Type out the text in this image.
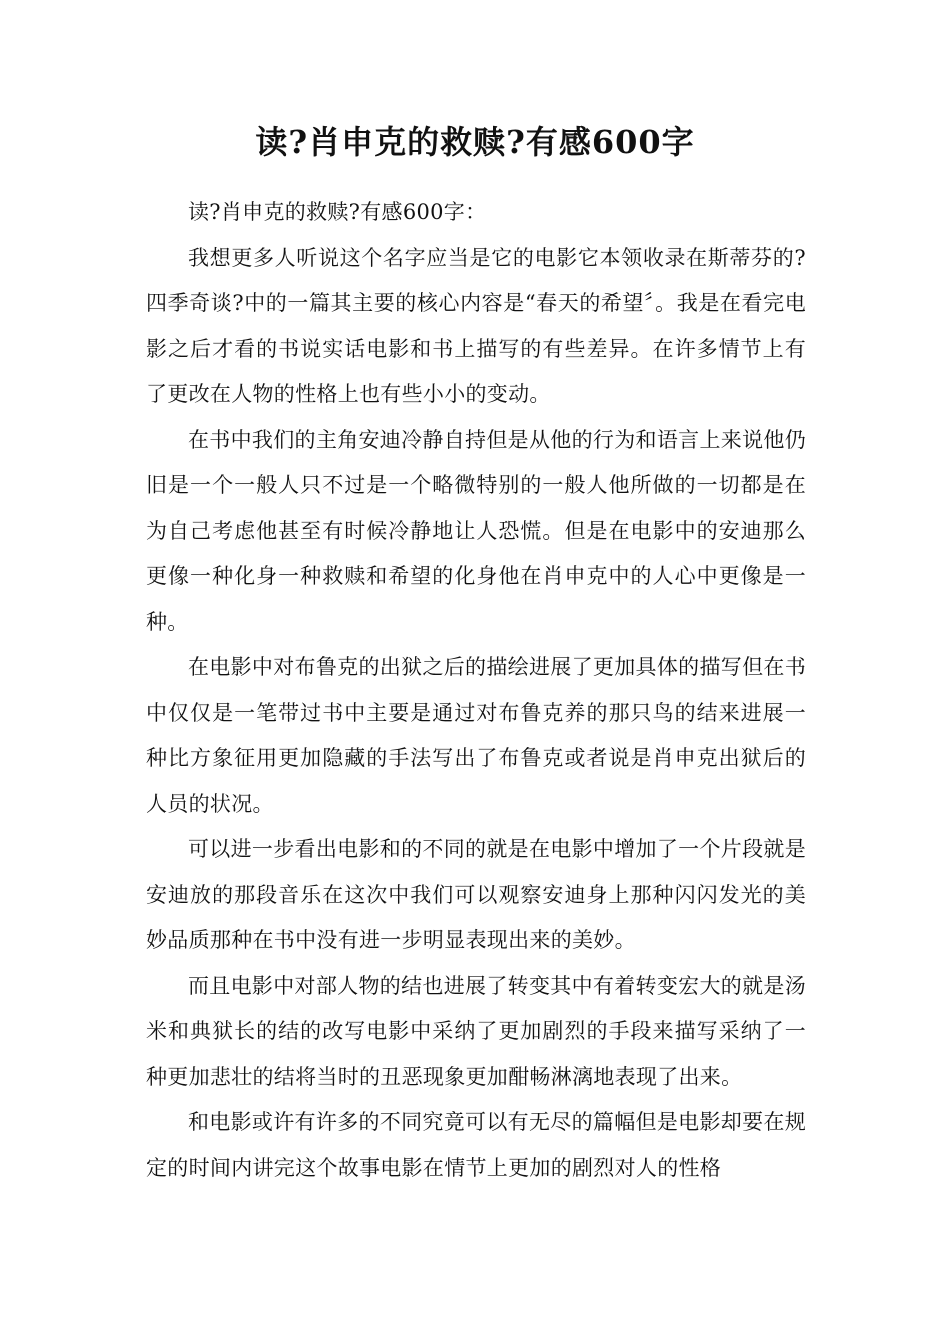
读?肖申克的救赎?有感600字

读?肖申克的救赎?有感600字：

我想更多人听说这个名字应当是它的电影它本领收录在斯蒂芬的?四季奇谈?中的一篇其主要的核心内容是“春天的希望〞。我是在看完电影之后才看的书说实话电影和书上描写的有些差异。在许多情节上有了更改在人物的性格上也有些小小的变动。

在书中我们的主角安迪冷静自持但是从他的行为和语言上来说他仍旧是一个一般人只不过是一个略微特别的一般人他所做的一切都是在为自己考虑他甚至有时候冷静地让人恐慌。但是在电影中的安迪那么更像一种化身一种救赎和希望的化身他在肖申克中的人心中更像是一种。

在电影中对布鲁克的出狱之后的描绘进展了更加具体的描写但在书中仅仅是一笔带过书中主要是通过对布鲁克养的那只鸟的结来进展一种比方象征用更加隐藏的手法写出了布鲁克或者说是肖申克出狱后的人员的状况。

可以进一步看出电影和的不同的就是在电影中增加了一个片段就是安迪放的那段音乐在这次中我们可以观察安迪身上那种闪闪发光的美妙品质那种在书中没有进一步明显表现出来的美妙。

而且电影中对部人物的结也进展了转变其中有着转变宏大的就是汤米和典狱长的结的改写电影中采纳了更加剧烈的手段来描写采纳了一种更加悲壮的结将当时的丑恶现象更加酣畅淋漓地表现了出来。

和电影或许有许多的不同究竟可以有无尽的篇幅但是电影却要在规定的时间内讲完这个故事电影在情节上更加的剧烈对人的性格
